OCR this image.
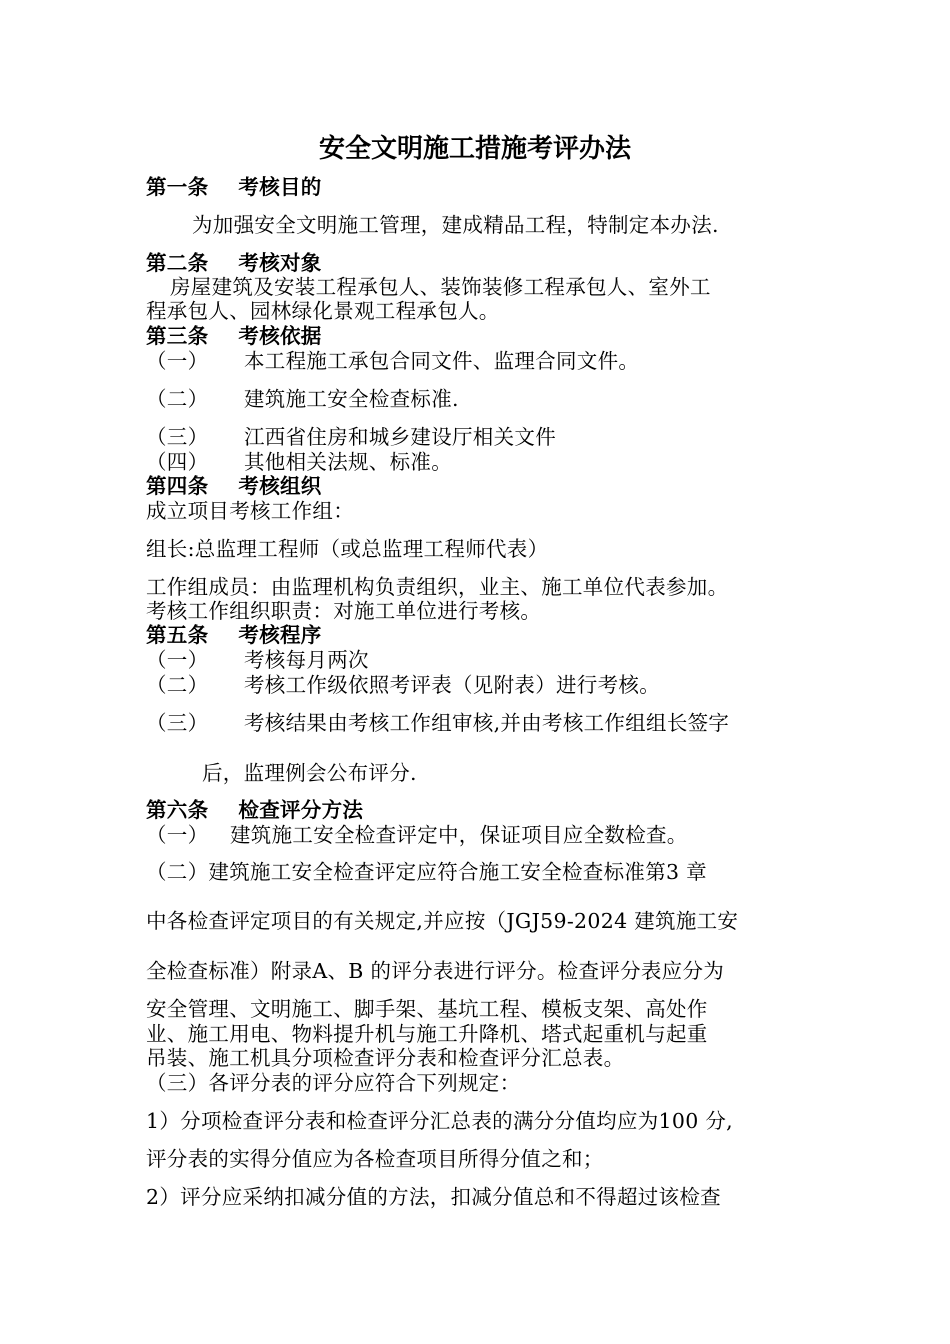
安全文明施工措施考评办法
第一条 考核目的
为加强安全文明施工管理，建成精品工程，特制定本办法.
第二条 考核对象
房屋建筑及安装工程承包人、装饰装修工程承包人、室外工
程承包人、园林绿化景观工程承包人。
第三条 考核依据
（一） 本工程施工承包合同文件、监理合同文件。
（二） 建筑施工安全检查标准.
（三） 江西省住房和城乡建设厅相关文件
（四） 其他相关法规、标准。
第四条 考核组织
成立项目考核工作组：
组长:总监理工程师（或总监理工程师代表）
工作组成员：由监理机构负责组织，业主、施工单位代表参加。
考核工作组织职责：对施工单位进行考核。
第五条 考核程序
（一） 考核每月两次
（二） 考核工作级依照考评表（见附表）进行考核。
（三） 考核结果由考核工作组审核,并由考核工作组组长签字
后，监理例会公布评分.
第六条 检查评分方法
（一） 建筑施工安全检查评定中，保证项目应全数检查。
（二）建筑施工安全检查评定应符合施工安全检查标准第3 章
中各检查评定项目的有关规定,并应按（JGJ59-2024 建筑施工安
全检查标准）附录A、B 的评分表进行评分。检查评分表应分为
安全管理、文明施工、脚手架、基坑工程、模板支架、高处作
业、施工用电、物料提升机与施工升降机、塔式起重机与起重
吊装、施工机具分项检查评分表和检查评分汇总表。
（三）各评分表的评分应符合下列规定：
1）分项检查评分表和检查评分汇总表的满分分值均应为100 分,
评分表的实得分值应为各检查项目所得分值之和；
2）评分应采纳扣减分值的方法，扣减分值总和不得超过该检查
